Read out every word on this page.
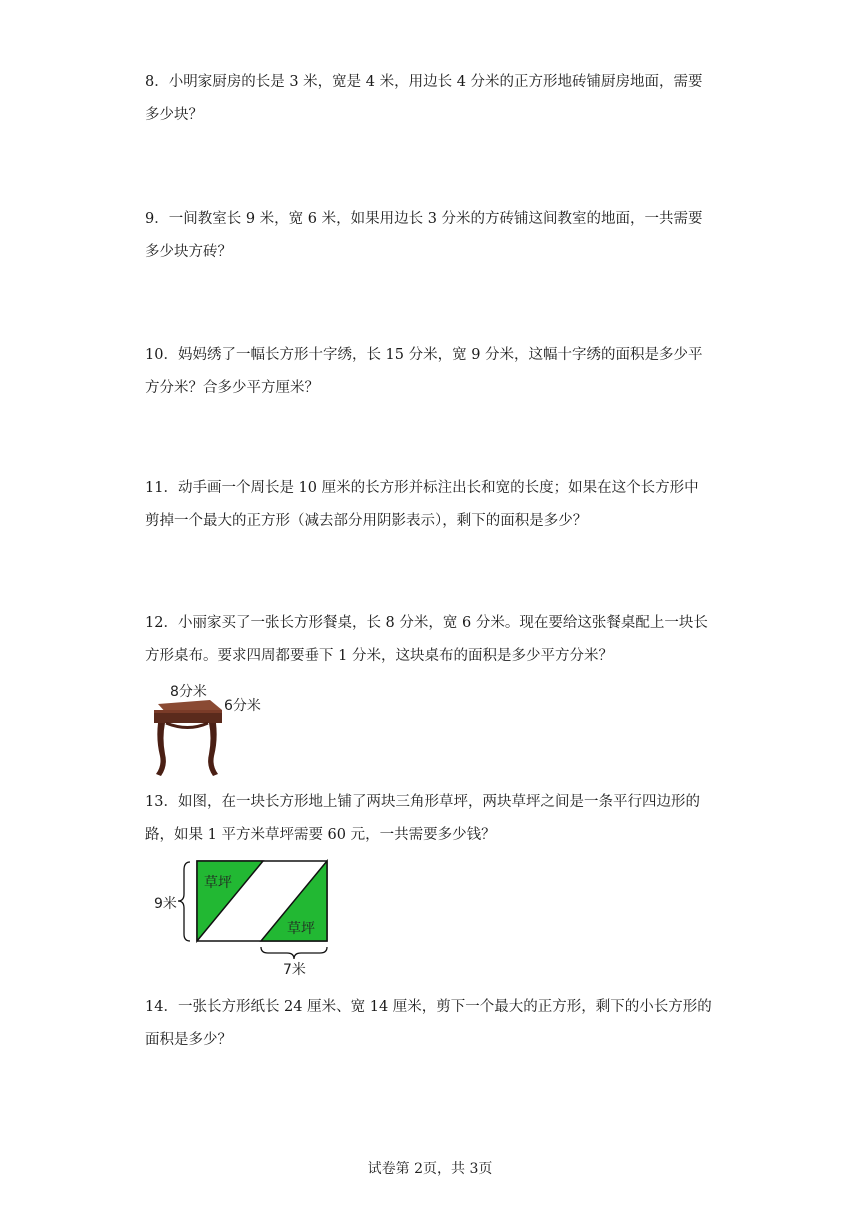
8．小明家厨房的长是 3 米，宽是 4 米，用边长 4 分米的正方形地砖铺厨房地面，需要

多少块？

9．一间教室长 9 米，宽 6 米，如果用边长 3 分米的方砖铺这间教室的地面，一共需要

多少块方砖？

10．妈妈绣了一幅长方形十字绣，长 15 分米，宽 9 分米，这幅十字绣的面积是多少平

方分米？合多少平方厘米？

11．动手画一个周长是 10 厘米的长方形并标注出长和宽的长度；如果在这个长方形中

剪掉一个最大的正方形（减去部分用阴影表示），剩下的面积是多少？

12．小丽家买了一张长方形餐桌，长 8 分米，宽 6 分米。现在要给这张餐桌配上一块长

方形桌布。要求四周都要垂下 1 分米，这块桌布的面积是多少平方分米？

8分米
6分米

13．如图，在一块长方形地上铺了两块三角形草坪，两块草坪之间是一条平行四边形的

路，如果 1 平方米草坪需要 60 元，一共需要多少钱？

草坪
草坪
9米
7米

14．一张长方形纸长 24 厘米、宽 14 厘米，剪下一个最大的正方形，剩下的小长方形的

面积是多少？

试卷第 2页，共 3页
